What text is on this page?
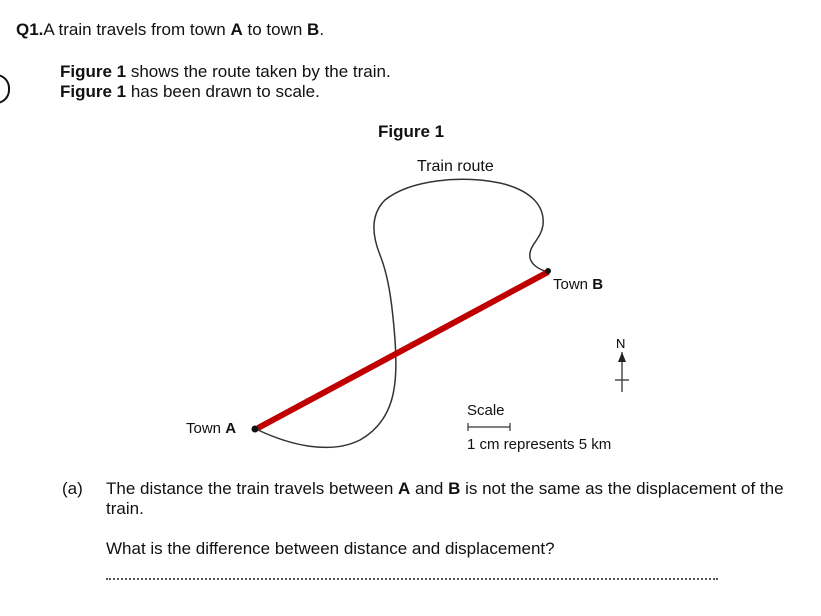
Q1.A train travels from town A to town B.
Figure 1 shows the route taken by the train.
Figure 1 has been drawn to scale.
Figure 1
Train route
N
Town A
Town B
Scale
1 cm represents 5 km
(a) The distance the train travels between A and B is not the same as the displacement of the train.
What is the difference between distance and displacement?
